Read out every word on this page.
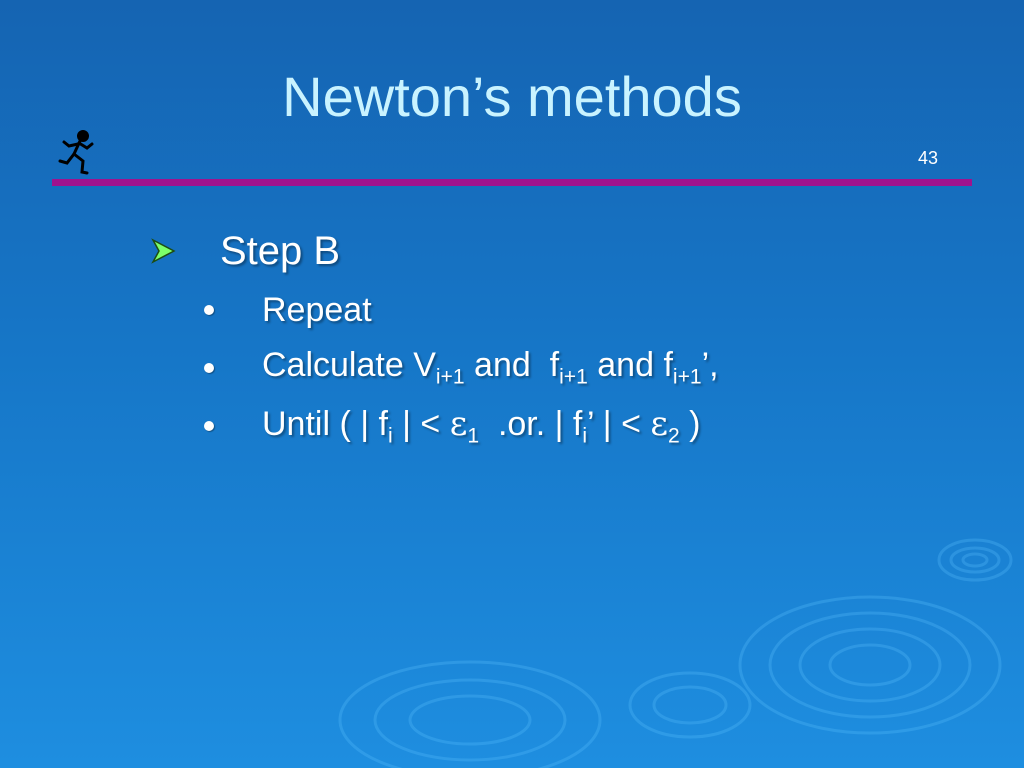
Newton’s methods
43
Step B
Repeat
Calculate $V_{i+1}$ and  $f_{i+1}$ and $f_{i+1}$’,
Until ( | $f_i$ | < $\varepsilon_1$  .or. | $f_i$’ | < $\varepsilon_2$ )
